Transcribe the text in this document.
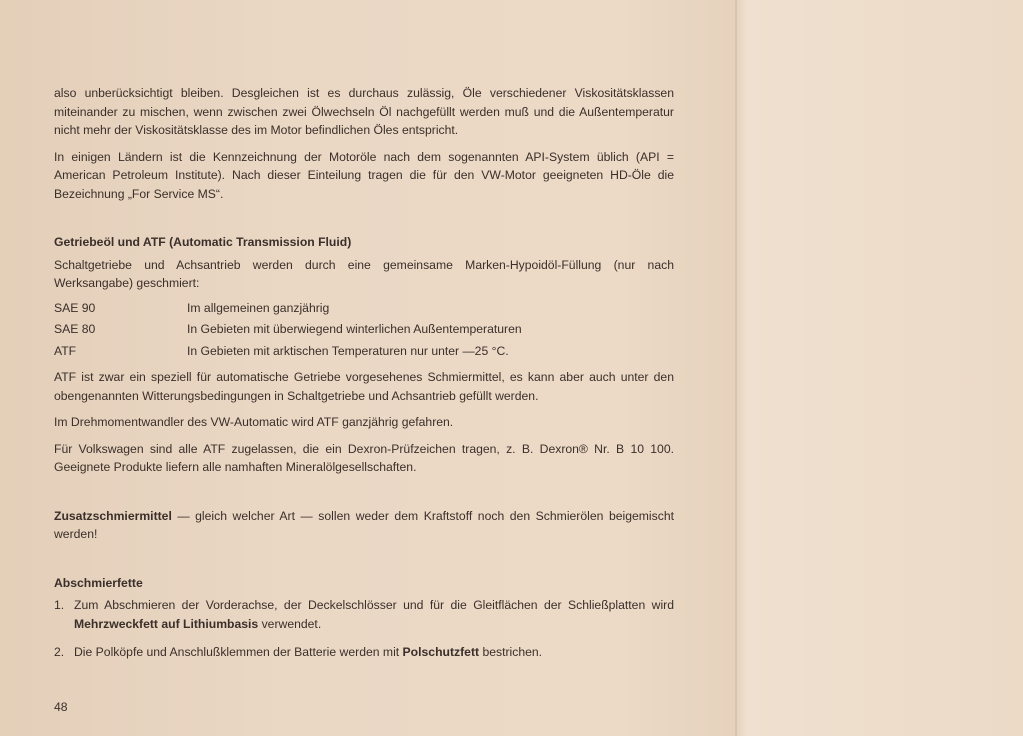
also unberücksichtigt bleiben. Desgleichen ist es durchaus zulässig, Öle verschiedener Viskositätsklassen miteinander zu mischen, wenn zwischen zwei Ölwechseln Öl nachgefüllt werden muß und die Außentemperatur nicht mehr der Viskositätsklasse des im Motor befindlichen Öles entspricht.

In einigen Ländern ist die Kennzeichnung der Motoröle nach dem sogenannten API-System üblich (API = American Petroleum Institute). Nach dieser Einteilung tragen die für den VW-Motor geeigneten HD-Öle die Bezeichnung „For Service MS“.

Getriebeöl und ATF (Automatic Transmission Fluid)

Schaltgetriebe und Achsantrieb werden durch eine gemeinsame Marken-Hypoidöl-Füllung (nur nach Werksangabe) geschmiert:

SAE 90	Im allgemeinen ganzjährig
SAE 80	In Gebieten mit überwiegend winterlichen Außentemperaturen
ATF	In Gebieten mit arktischen Temperaturen nur unter —25 °C.

ATF ist zwar ein speziell für automatische Getriebe vorgesehenes Schmiermittel, es kann aber auch unter den obengenannten Witterungsbedingungen in Schaltgetriebe und Achsantrieb gefüllt werden.

Im Drehmomentwandler des VW-Automatic wird ATF ganzjährig gefahren.

Für Volkswagen sind alle ATF zugelassen, die ein Dexron-Prüfzeichen tragen, z. B. Dexron® Nr. B 10 100. Geeignete Produkte liefern alle namhaften Mineralölgesellschaften.

Zusatzschmiermittel — gleich welcher Art — sollen weder dem Kraftstoff noch den Schmierölen beigemischt werden!

Abschmierfette
1. Zum Abschmieren der Vorderachse, der Deckelschlösser und für die Gleitflächen der Schließplatten wird Mehrzweckfett auf Lithiumbasis verwendet.
2. Die Polköpfe und Anschlußklemmen der Batterie werden mit Polschutzfett bestrichen.
48
